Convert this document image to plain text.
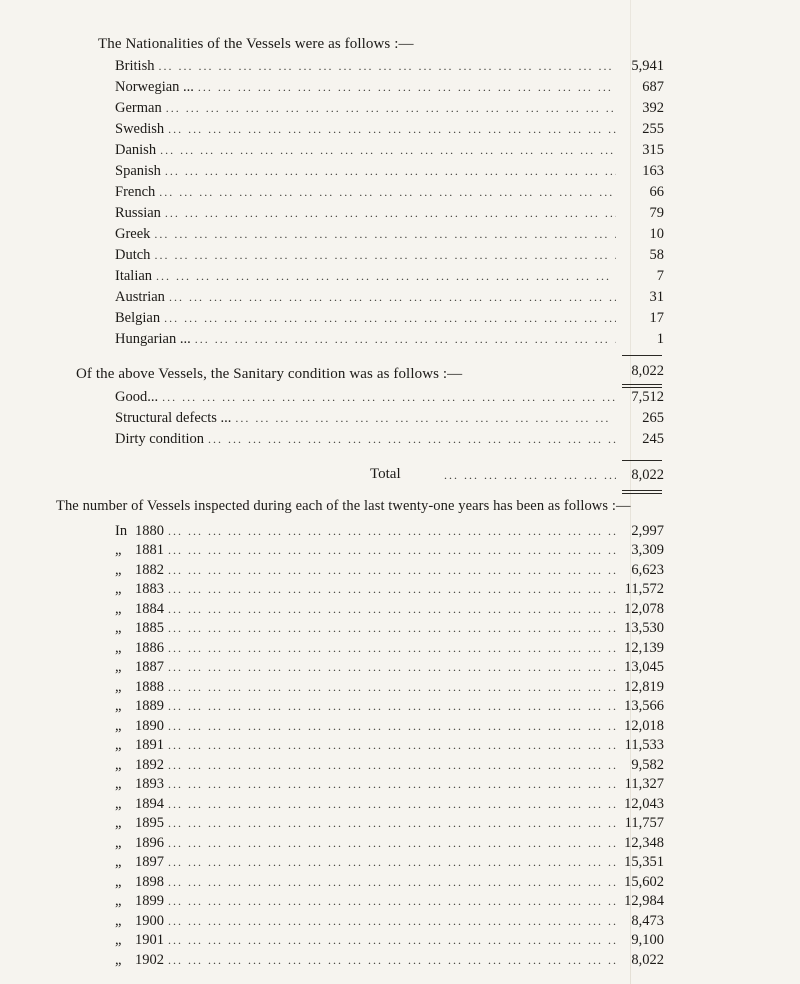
The Nationalities of the Vessels were as follows :—
British ... .	5,941
Norwegian ... ... .	687
German ... .	392
Swedish ... .	255
Danish ... .	315
Spanish ... .	163
French ... .	66
Russian ... .	79
Greek ... .	10
Dutch ... .	58
Italian ... .	7
Austrian ... .	31
Belgian ... .	17
Hungarian ... ... .	1
8,022
Of the above Vessels, the Sanitary condition was as follows :—
Good... ... .	7,512
Structural defects ... ... .	265
Dirty condition ... .	245
Total ... .	8,022
The number of Vessels inspected during each of the last twenty-one years has been as follows :—
In 1880 ... .	2,997
„ 1881 ... .	3,309
„ 1882 ... .	6,623
„ 1883 ... .	11,572
„ 1884 ... .	12,078
„ 1885 ... .	13,530
„ 1886 ... .	12,139
„ 1887 ... .	13,045
„ 1888 ... .	12,819
„ 1889 ... .	13,566
„ 1890 ... .	12,018
„ 1891 ... .	11,533
„ 1892 ... .	9,582
„ 1893 ... .	11,327
„ 1894 ... .	12,043
„ 1895 ... .	11,757
„ 1896 ... .	12,348
„ 1897 ... .	15,351
„ 1898 ... .	15,602
„ 1899 ... .	12,984
„ 1900 ... .	8,473
„ 1901 ... .	9,100
„ 1902 ... .	8,022
